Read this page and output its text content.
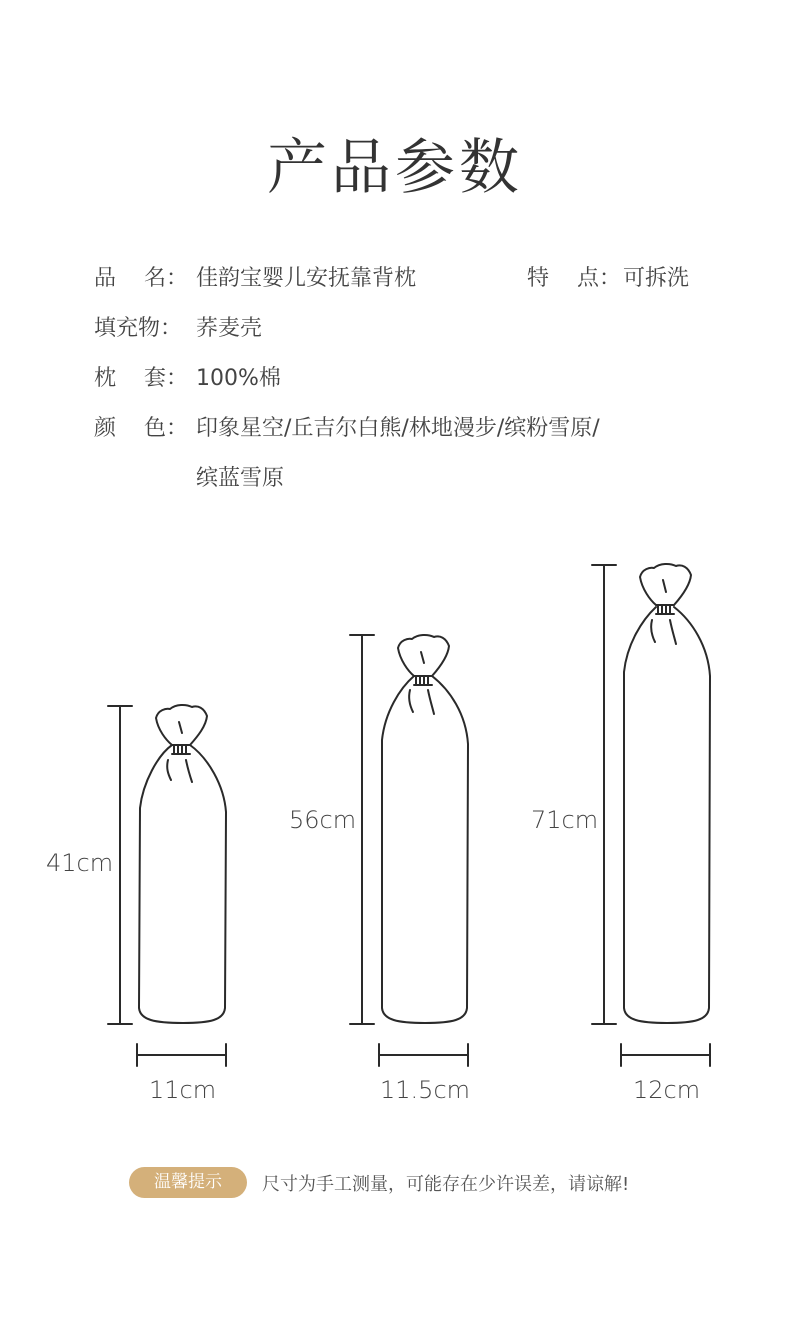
产品参数
品    名： 佳韵宝婴儿安抚靠背枕	特    点：可拆洗
填充物： 荞麦壳
枕    套： 100%棉
颜    色： 印象星空/丘吉尔白熊/林地漫步/缤粉雪原/
缤蓝雪原
41cm
11cm
56cm
11.5cm
71cm
12cm
温馨提示	尺寸为手工测量，可能存在少许误差，请谅解!
